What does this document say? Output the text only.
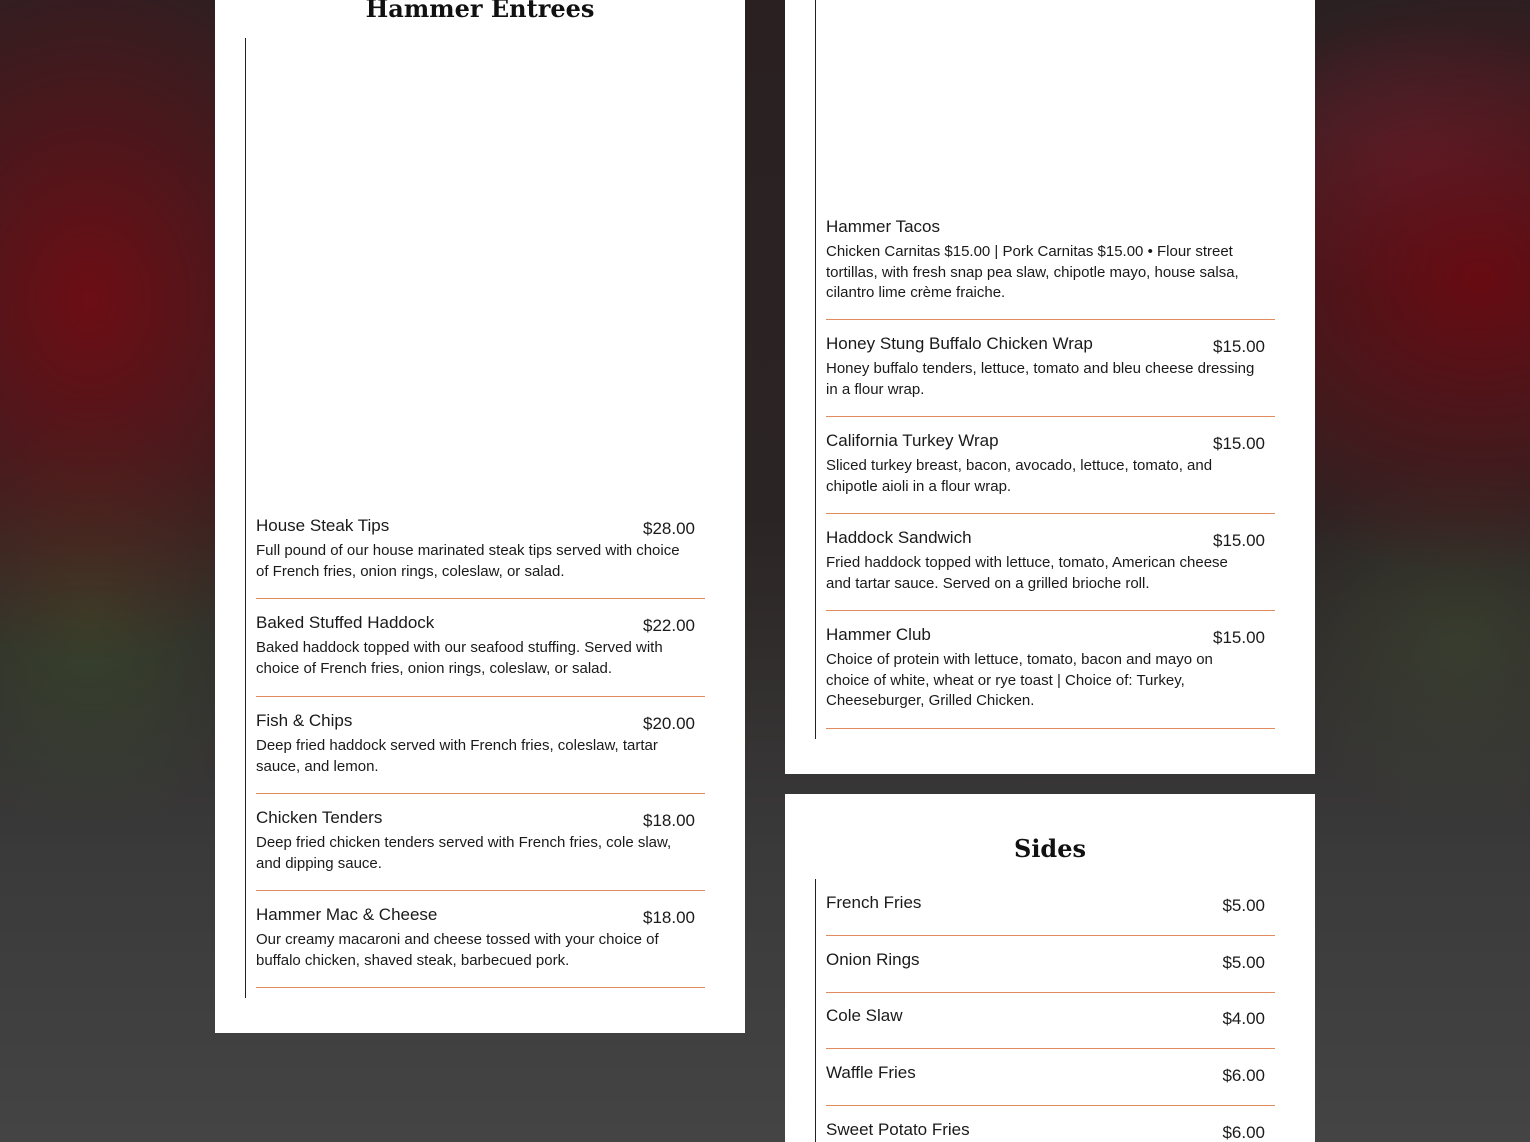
Hammer Entrees
House Steak Tips	$28.00

Full pound of our house marinated steak tips served with choice of French fries, onion rings, coleslaw, or salad.

Baked Stuffed Haddock	$22.00

Baked haddock topped with our seafood stuffing. Served with choice of French fries, onion rings, coleslaw, or salad.

Fish & Chips	$20.00

Deep fried haddock served with French fries, coleslaw, tartar sauce, and lemon.

Chicken Tenders	$18.00

Deep fried chicken tenders served with French fries, cole slaw, and dipping sauce.

Hammer Mac & Cheese	$18.00

Our creamy macaroni and cheese tossed with your choice of buffalo chicken, shaved steak, barbecued pork.

Hammer Tacos

Chicken Carnitas $15.00 | Pork Carnitas $15.00 • Flour street tortillas, with fresh snap pea slaw, chipotle mayo, house salsa, cilantro lime crème fraiche.

Honey Stung Buffalo Chicken Wrap	$15.00

Honey buffalo tenders, lettuce, tomato and bleu cheese dressing in a flour wrap.

California Turkey Wrap	$15.00

Sliced turkey breast, bacon, avocado, lettuce, tomato, and chipotle aioli in a flour wrap.

Haddock Sandwich	$15.00

Fried haddock topped with lettuce, tomato, American cheese and tartar sauce. Served on a grilled brioche roll.

Hammer Club	$15.00

Choice of protein with lettuce, tomato, bacon and mayo on choice of white, wheat or rye toast | Choice of: Turkey, Cheeseburger, Grilled Chicken.

Sides
French Fries	$5.00
Onion Rings	$5.00
Cole Slaw	$4.00
Waffle Fries	$6.00
Sweet Potato Fries	$6.00
